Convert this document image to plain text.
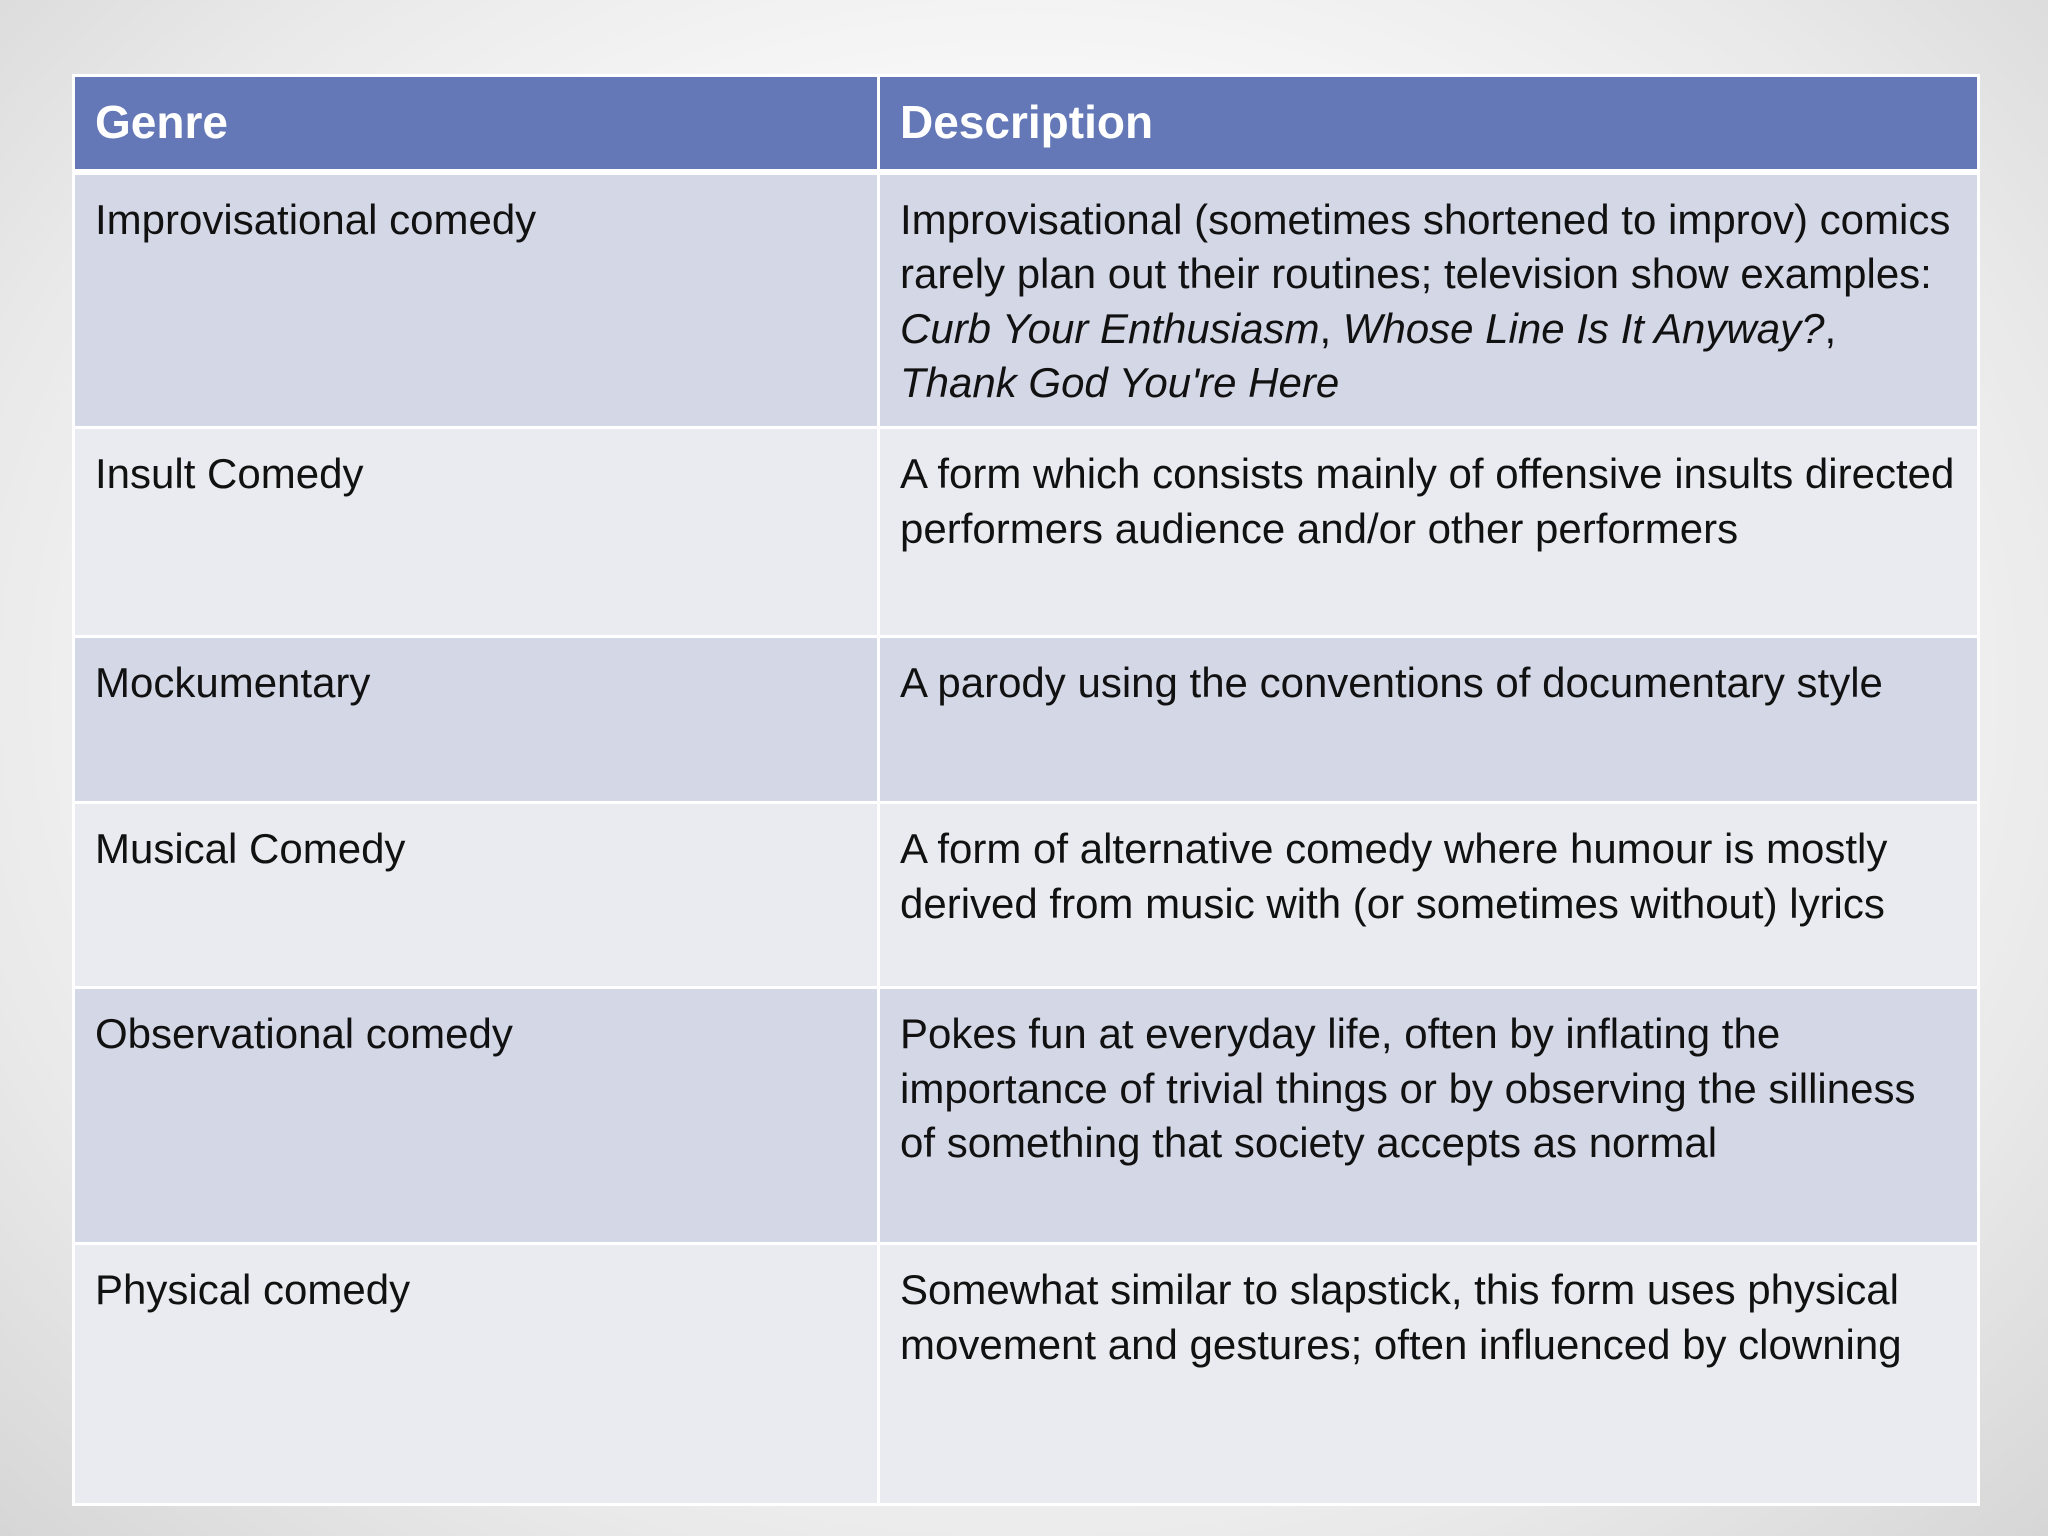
Genre	Description
Improvisational comedy	Improvisational (sometimes shortened to improv) comics rarely plan out their routines; television show examples: Curb Your Enthusiasm, Whose Line Is It Anyway?, Thank God You're Here
Insult Comedy	A form which consists mainly of offensive insults directed performers audience and/or other performers
Mockumentary	A parody using the conventions of documentary style
Musical Comedy	A form of alternative comedy where humour is mostly derived from music with (or sometimes without) lyrics
Observational comedy	Pokes fun at everyday life, often by inflating the importance of trivial things or by observing the silliness of something that society accepts as normal
Physical comedy	Somewhat similar to slapstick, this form uses physical movement and gestures; often influenced by clowning
